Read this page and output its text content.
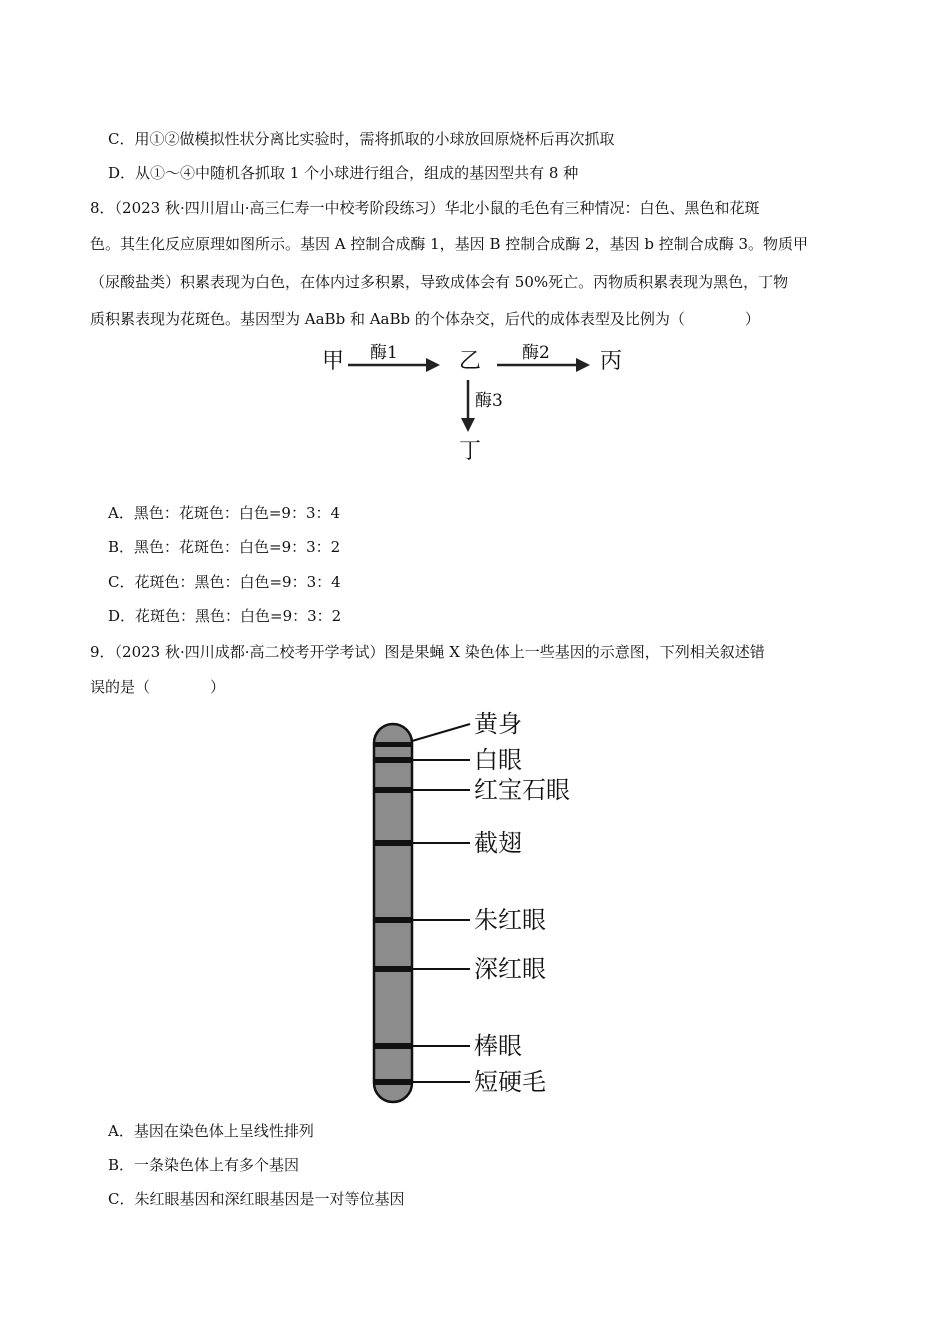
C．用①②做模拟性状分离比实验时，需将抓取的小球放回原烧杯后再次抓取
D．从①～④中随机各抓取 1 个小球进行组合，组成的基因型共有 8 种
8．（2023 秋·四川眉山·高三仁寿一中校考阶段练习）华北小鼠的毛色有三种情况：白色、黑色和花斑
色。其生化反应原理如图所示。基因 A 控制合成酶 1，基因 B 控制合成酶 2，基因 b 控制合成酶 3。物质甲
（尿酸盐类）积累表现为白色，在体内过多积累，导致成体会有 50%死亡。丙物质积累表现为黑色，丁物
质积累表现为花斑色。基因型为 AaBb 和 AaBb 的个体杂交，后代的成体表型及比例为（　　　　）
甲 酶1	乙 酶2 丙
酶3
丁
A．黑色：花斑色：白色=9：3：4
B．黑色：花斑色：白色=9：3：2
C．花斑色：黑色：白色=9：3：4
D．花斑色：黑色：白色=9：3：2
9．（2023 秋·四川成都·高二校考开学考试）图是果蝇 X 染色体上一些基因的示意图，下列相关叙述错
误的是（　　　　）
黄身
白眼
红宝石眼
截翅
朱红眼
深红眼
棒眼
短硬毛
A．基因在染色体上呈线性排列
B．一条染色体上有多个基因
C．朱红眼基因和深红眼基因是一对等位基因
